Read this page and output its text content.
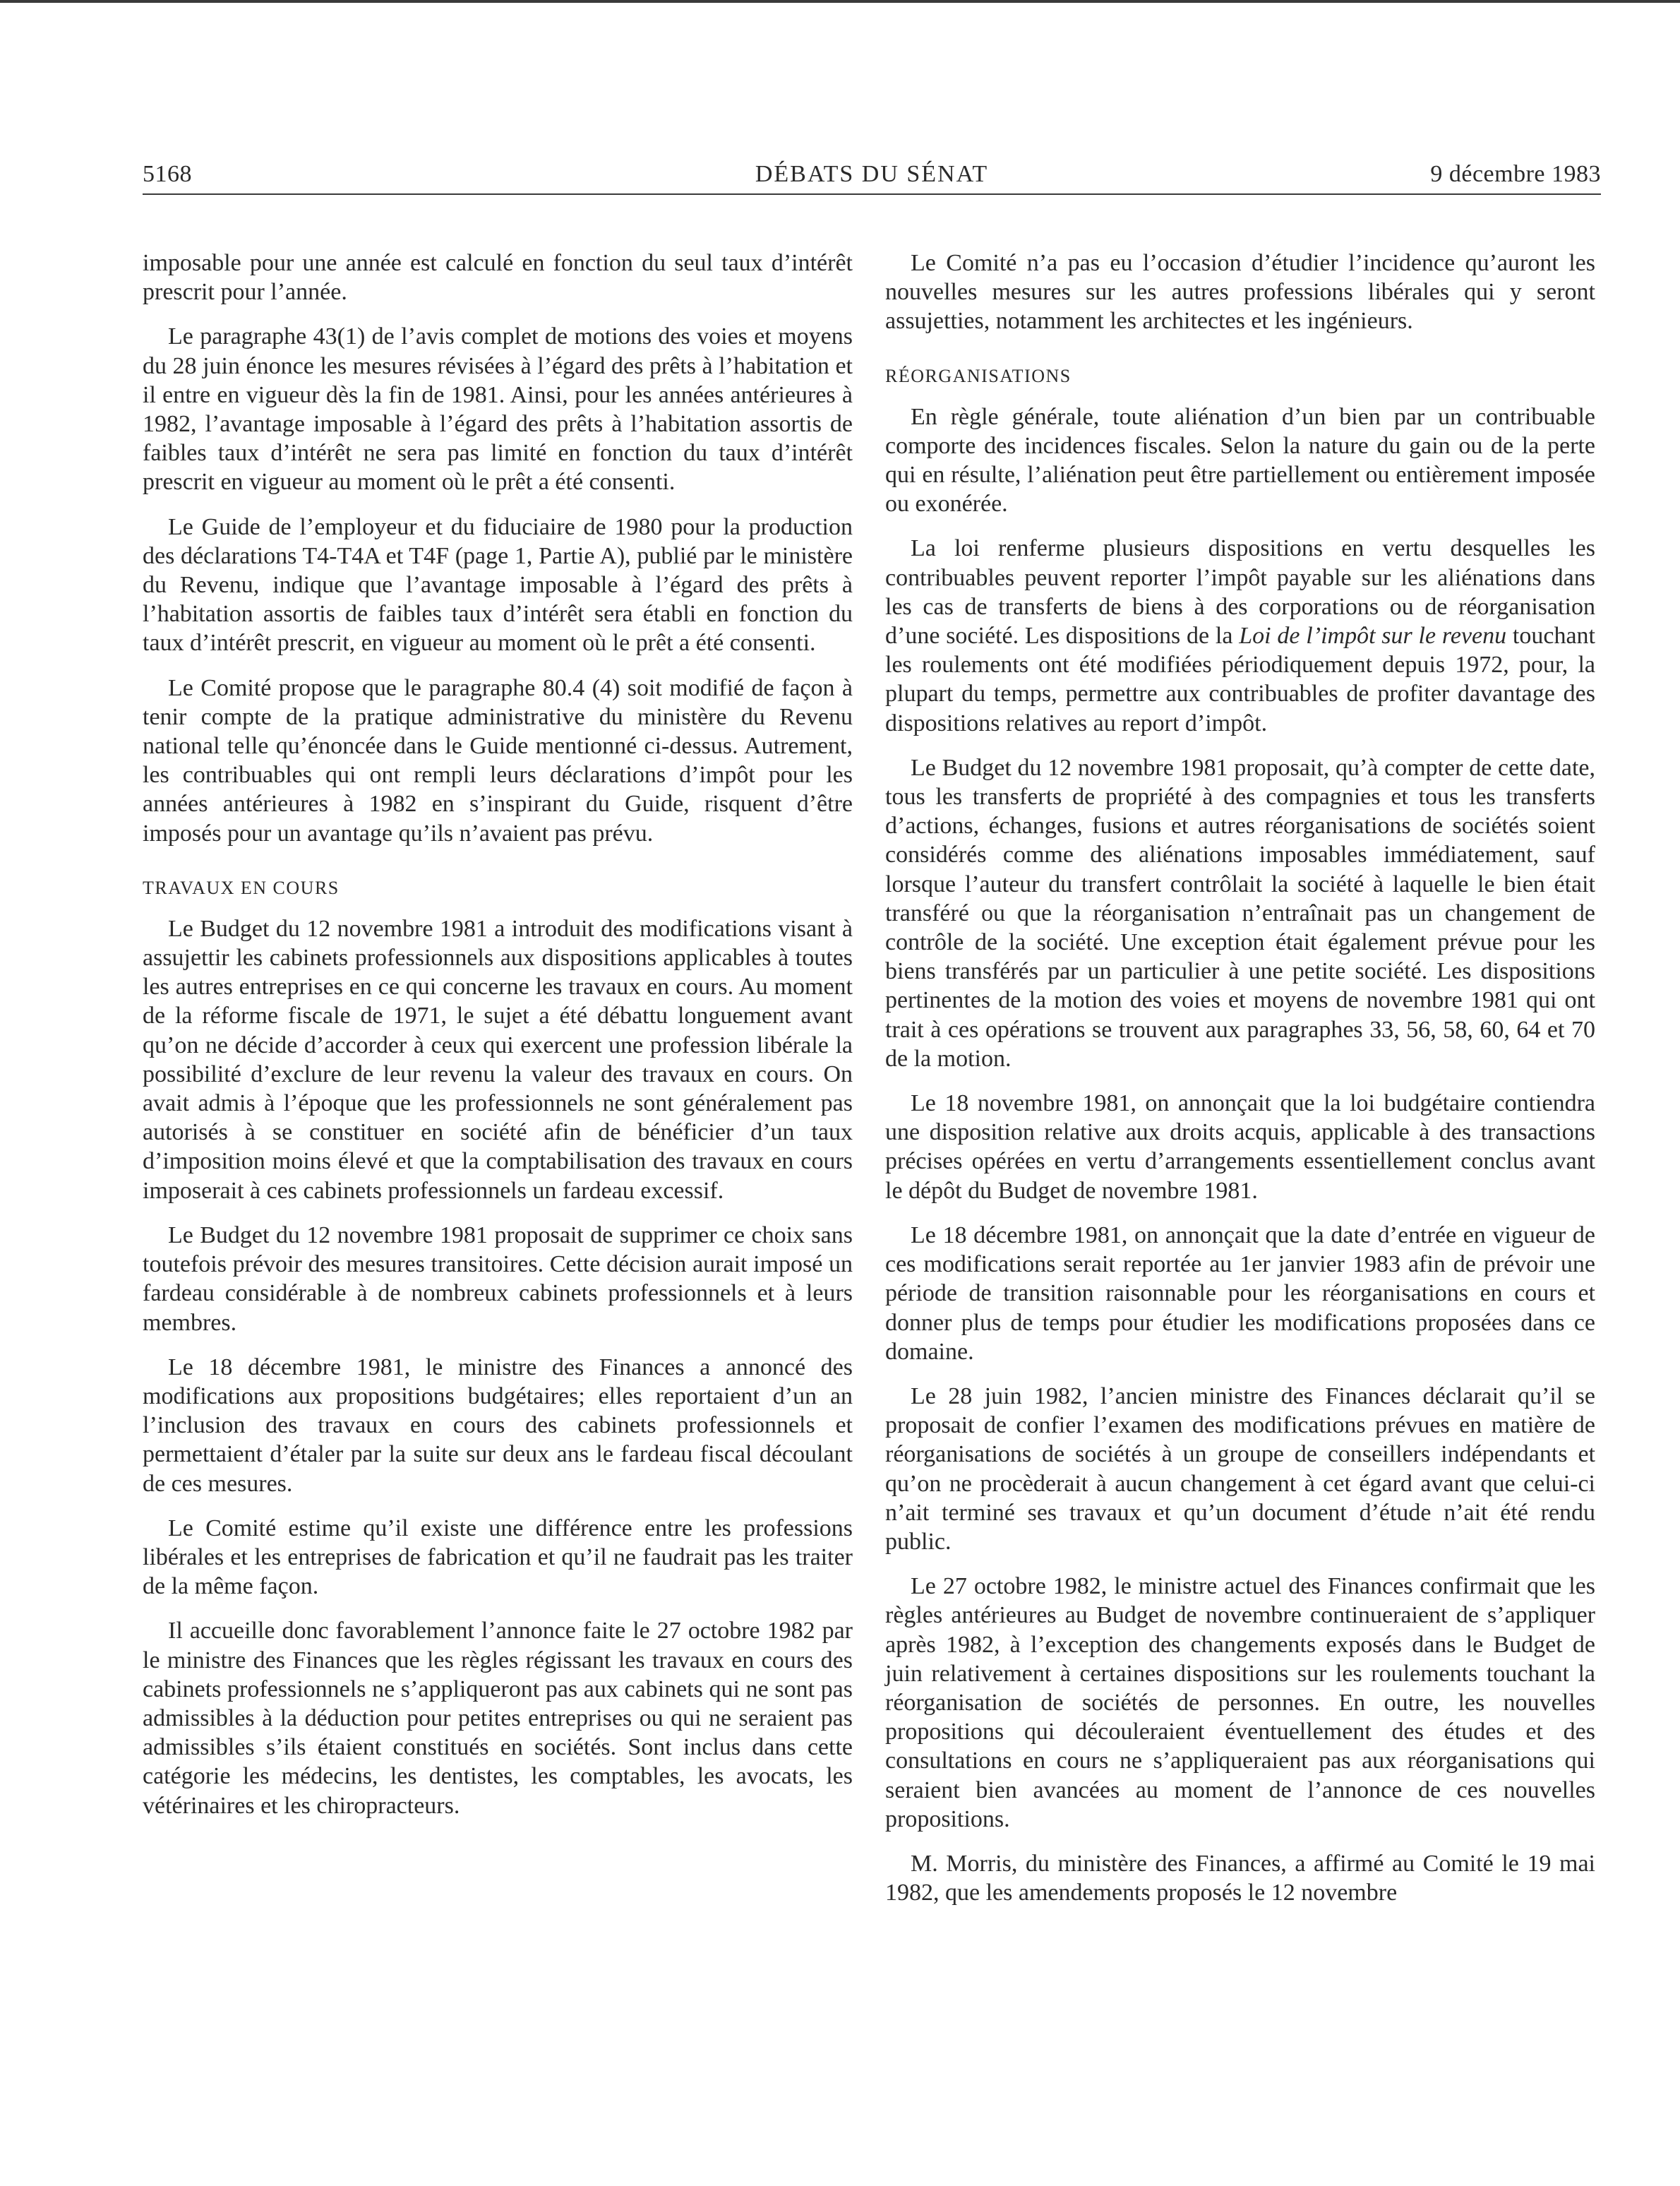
5168	DÉBATS DU SÉNAT	9 décembre 1983

imposable pour une année est calculé en fonction du seul taux d’intérêt prescrit pour l’année.

Le paragraphe 43(1) de l’avis complet de motions des voies et moyens du 28 juin énonce les mesures révisées à l’égard des prêts à l’habitation et il entre en vigueur dès la fin de 1981. Ainsi, pour les années antérieures à 1982, l’avantage imposable à l’égard des prêts à l’habitation assortis de faibles taux d’intérêt ne sera pas limité en fonction du taux d’intérêt prescrit en vigueur au moment où le prêt a été consenti.

Le Guide de l’employeur et du fiduciaire de 1980 pour la production des déclarations T4-T4A et T4F (page 1, Partie A), publié par le ministère du Revenu, indique que l’avantage imposable à l’égard des prêts à l’habitation assortis de faibles taux d’intérêt sera établi en fonction du taux d’intérêt prescrit, en vigueur au moment où le prêt a été consenti.

Le Comité propose que le paragraphe 80.4 (4) soit modifié de façon à tenir compte de la pratique administrative du ministère du Revenu national telle qu’énoncée dans le Guide mentionné ci-dessus. Autrement, les contribuables qui ont rempli leurs déclarations d’impôt pour les années antérieures à 1982 en s’inspirant du Guide, risquent d’être imposés pour un avantage qu’ils n’avaient pas prévu.

TRAVAUX EN COURS

Le Budget du 12 novembre 1981 a introduit des modifications visant à assujettir les cabinets professionnels aux dispositions applicables à toutes les autres entreprises en ce qui concerne les travaux en cours. Au moment de la réforme fiscale de 1971, le sujet a été débattu longuement avant qu’on ne décide d’accorder à ceux qui exercent une profession libérale la possibilité d’exclure de leur revenu la valeur des travaux en cours. On avait admis à l’époque que les professionnels ne sont généralement pas autorisés à se constituer en société afin de bénéficier d’un taux d’imposition moins élevé et que la comptabilisation des travaux en cours imposerait à ces cabinets professionnels un fardeau excessif.

Le Budget du 12 novembre 1981 proposait de supprimer ce choix sans toutefois prévoir des mesures transitoires. Cette décision aurait imposé un fardeau considérable à de nombreux cabinets professionnels et à leurs membres.

Le 18 décembre 1981, le ministre des Finances a annoncé des modifications aux propositions budgétaires; elles reportaient d’un an l’inclusion des travaux en cours des cabinets professionnels et permettaient d’étaler par la suite sur deux ans le fardeau fiscal découlant de ces mesures.

Le Comité estime qu’il existe une différence entre les professions libérales et les entreprises de fabrication et qu’il ne faudrait pas les traiter de la même façon.

Il accueille donc favorablement l’annonce faite le 27 octobre 1982 par le ministre des Finances que les règles régissant les travaux en cours des cabinets professionnels ne s’appliqueront pas aux cabinets qui ne sont pas admissibles à la déduction pour petites entreprises ou qui ne seraient pas admissibles s’ils étaient constitués en sociétés. Sont inclus dans cette catégorie les médecins, les dentistes, les comptables, les avocats, les vétérinaires et les chiropracteurs.

Le Comité n’a pas eu l’occasion d’étudier l’incidence qu’auront les nouvelles mesures sur les autres professions libérales qui y seront assujetties, notamment les architectes et les ingénieurs.

RÉORGANISATIONS

En règle générale, toute aliénation d’un bien par un contribuable comporte des incidences fiscales. Selon la nature du gain ou de la perte qui en résulte, l’aliénation peut être partiellement ou entièrement imposée ou exonérée.

La loi renferme plusieurs dispositions en vertu desquelles les contribuables peuvent reporter l’impôt payable sur les aliénations dans les cas de transferts de biens à des corporations ou de réorganisation d’une société. Les dispositions de la Loi de l’impôt sur le revenu touchant les roulements ont été modifiées périodiquement depuis 1972, pour, la plupart du temps, permettre aux contribuables de profiter davantage des dispositions relatives au report d’impôt.

Le Budget du 12 novembre 1981 proposait, qu’à compter de cette date, tous les transferts de propriété à des compagnies et tous les transferts d’actions, échanges, fusions et autres réorganisations de sociétés soient considérés comme des aliénations imposables immédiatement, sauf lorsque l’auteur du transfert contrôlait la société à laquelle le bien était transféré ou que la réorganisation n’entraînait pas un changement de contrôle de la société. Une exception était également prévue pour les biens transférés par un particulier à une petite société. Les dispositions pertinentes de la motion des voies et moyens de novembre 1981 qui ont trait à ces opérations se trouvent aux paragraphes 33, 56, 58, 60, 64 et 70 de la motion.

Le 18 novembre 1981, on annonçait que la loi budgétaire contiendra une disposition relative aux droits acquis, applicable à des transactions précises opérées en vertu d’arrangements essentiellement conclus avant le dépôt du Budget de novembre 1981.

Le 18 décembre 1981, on annonçait que la date d’entrée en vigueur de ces modifications serait reportée au 1er janvier 1983 afin de prévoir une période de transition raisonnable pour les réorganisations en cours et donner plus de temps pour étudier les modifications proposées dans ce domaine.

Le 28 juin 1982, l’ancien ministre des Finances déclarait qu’il se proposait de confier l’examen des modifications prévues en matière de réorganisations de sociétés à un groupe de conseillers indépendants et qu’on ne procèderait à aucun changement à cet égard avant que celui-ci n’ait terminé ses travaux et qu’un document d’étude n’ait été rendu public.

Le 27 octobre 1982, le ministre actuel des Finances confirmait que les règles antérieures au Budget de novembre continueraient de s’appliquer après 1982, à l’exception des changements exposés dans le Budget de juin relativement à certaines dispositions sur les roulements touchant la réorganisation de sociétés de personnes. En outre, les nouvelles propositions qui découleraient éventuellement des études et des consultations en cours ne s’appliqueraient pas aux réorganisations qui seraient bien avancées au moment de l’annonce de ces nouvelles propositions.

M. Morris, du ministère des Finances, a affirmé au Comité le 19 mai 1982, que les amendements proposés le 12 novembre
